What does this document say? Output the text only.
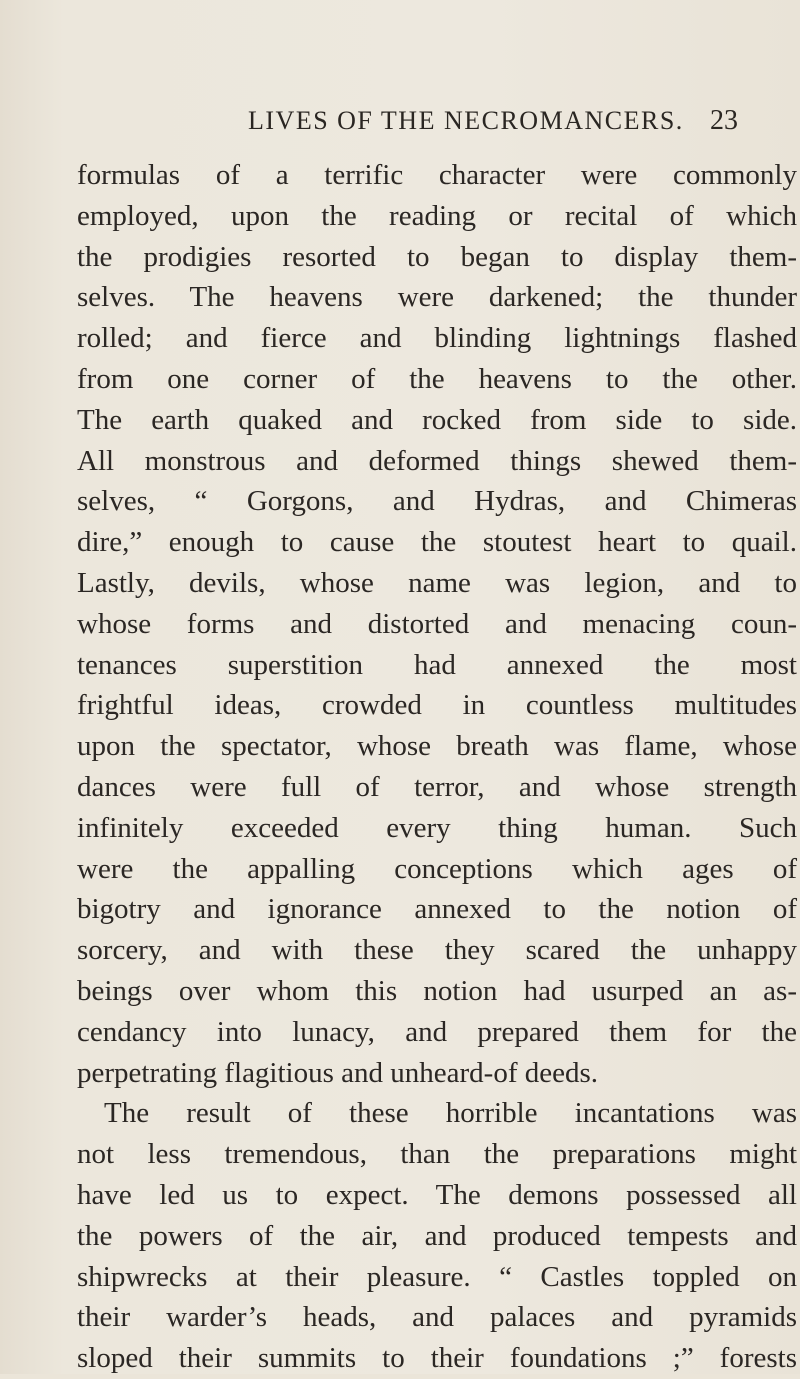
LIVES OF THE NECROMANCERS. 23
formulas of a terrific character were commonly
employed, upon the reading or recital of which
the prodigies resorted to began to display them-
selves. The heavens were darkened; the thunder
rolled; and fierce and blinding lightnings flashed
from one corner of the heavens to the other.
The earth quaked and rocked from side to side.
All monstrous and deformed things shewed them-
selves, “ Gorgons, and Hydras, and Chimeras
dire,” enough to cause the stoutest heart to quail.
Lastly, devils, whose name was legion, and to
whose forms and distorted and menacing coun-
tenances superstition had annexed the most
frightful ideas, crowded in countless multitudes
upon the spectator, whose breath was flame, whose
dances were full of terror, and whose strength
infinitely exceeded every thing human. Such
were the appalling conceptions which ages of
bigotry and ignorance annexed to the notion of
sorcery, and with these they scared the unhappy
beings over whom this notion had usurped an as-
cendancy into lunacy, and prepared them for the
perpetrating flagitious and unheard-of deeds.
The result of these horrible incantations was
not less tremendous, than the preparations might
have led us to expect. The demons possessed all
the powers of the air, and produced tempests and
shipwrecks at their pleasure. “ Castles toppled on
their warder’s heads, and palaces and pyramids
sloped their summits to their foundations ;” forests
